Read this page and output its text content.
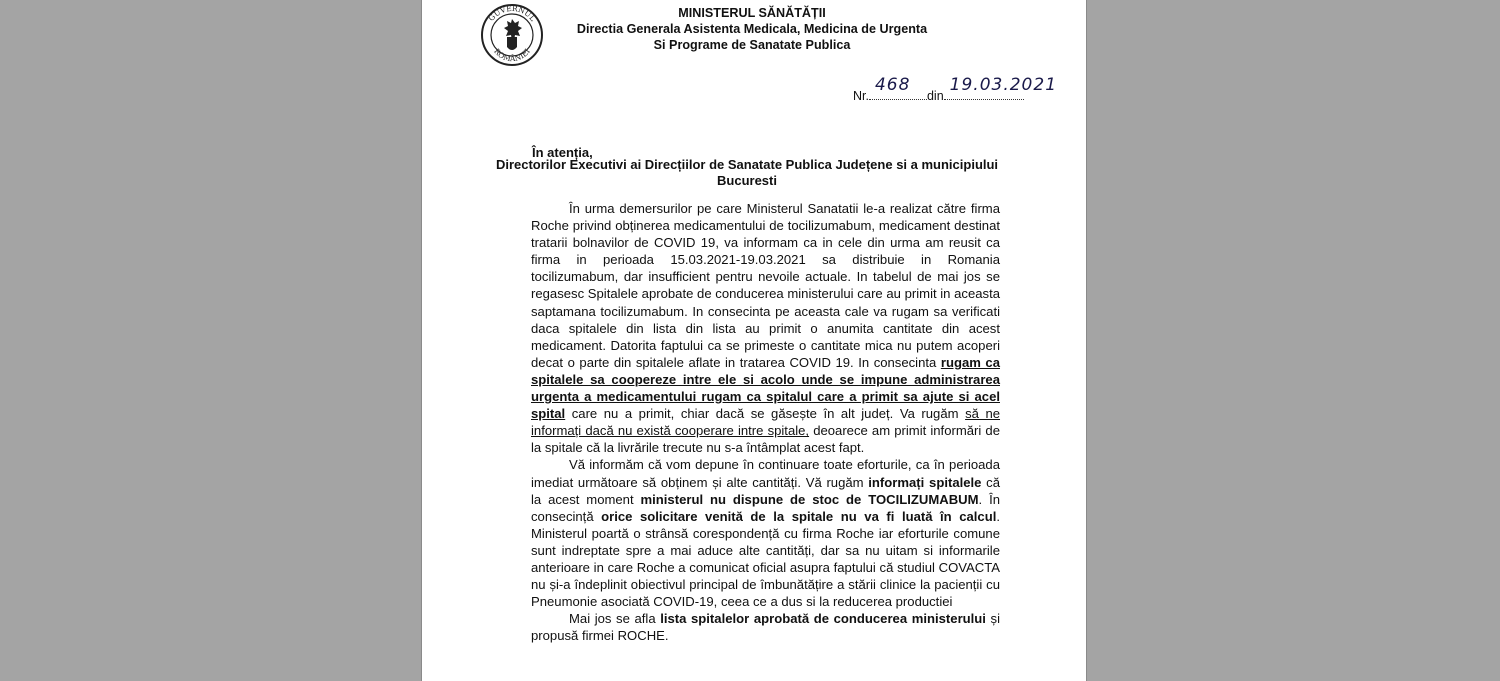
GUVERNUL
ROMÂNIEI
MINISTERUL SĂNĂTĂȚII
Directia Generala Asistenta Medicala, Medicina de Urgenta
Si Programe de Sanatate Publica
Nr.
468
din
19.03.2021
În atenția,
Directorilor Executivi ai Direcțiilor de Sanatate Publica Județene si a municipiului
Bucuresti

În urma demersurilor pe care Ministerul Sanatatii le-a realizat către firma Roche privind obținerea medicamentului de tocilizumabum, medicament destinat tratarii bolnavilor de COVID 19, va informam ca in cele din urma am reusit ca firma in perioada 15.03.2021-19.03.2021 sa distribuie in Romania tocilizumabum, dar insufficient pentru nevoile actuale. In tabelul de mai jos se regasesc Spitalele aprobate de conducerea ministerului care au primit in aceasta saptamana tocilizumabum. In consecinta pe aceasta cale va rugam sa verificati daca spitalele din lista din lista au primit o anumita cantitate din acest medicament. Datorita faptului ca se primeste o cantitate mica nu putem acoperi decat o parte din spitalele aflate in tratarea COVID 19. In consecinta rugam ca spitalele sa coopereze intre ele si acolo unde se impune administrarea urgenta a medicamentului rugam ca spitalul care a primit sa ajute si acel spital care nu a primit, chiar dacă se găsește în alt județ. Va rugăm să ne informați dacă nu există cooperare intre spitale, deoarece am primit informări de la spitale că la livrările trecute nu s-a întâmplat acest fapt.

Vă informăm că vom depune în continuare toate eforturile, ca în perioada imediat următoare să obținem și alte cantități. Vă rugăm informați spitalele că la acest moment ministerul nu dispune de stoc de TOCILIZUMABUM. În consecință orice solicitare venită de la spitale nu va fi luată în calcul. Ministerul poartă o strânsă corespondență cu firma Roche iar eforturile comune sunt indreptate spre a mai aduce alte cantități, dar sa nu uitam si informarile anterioare in care Roche a comunicat oficial asupra faptului că studiul COVACTA nu și-a îndeplinit obiectivul principal de îmbunătățire a stării clinice la pacienții cu Pneumonie asociată COVID-19, ceea ce a dus si la reducerea productiei

Mai jos se afla lista spitalelor aprobată de conducerea ministerului și propusă firmei ROCHE.
